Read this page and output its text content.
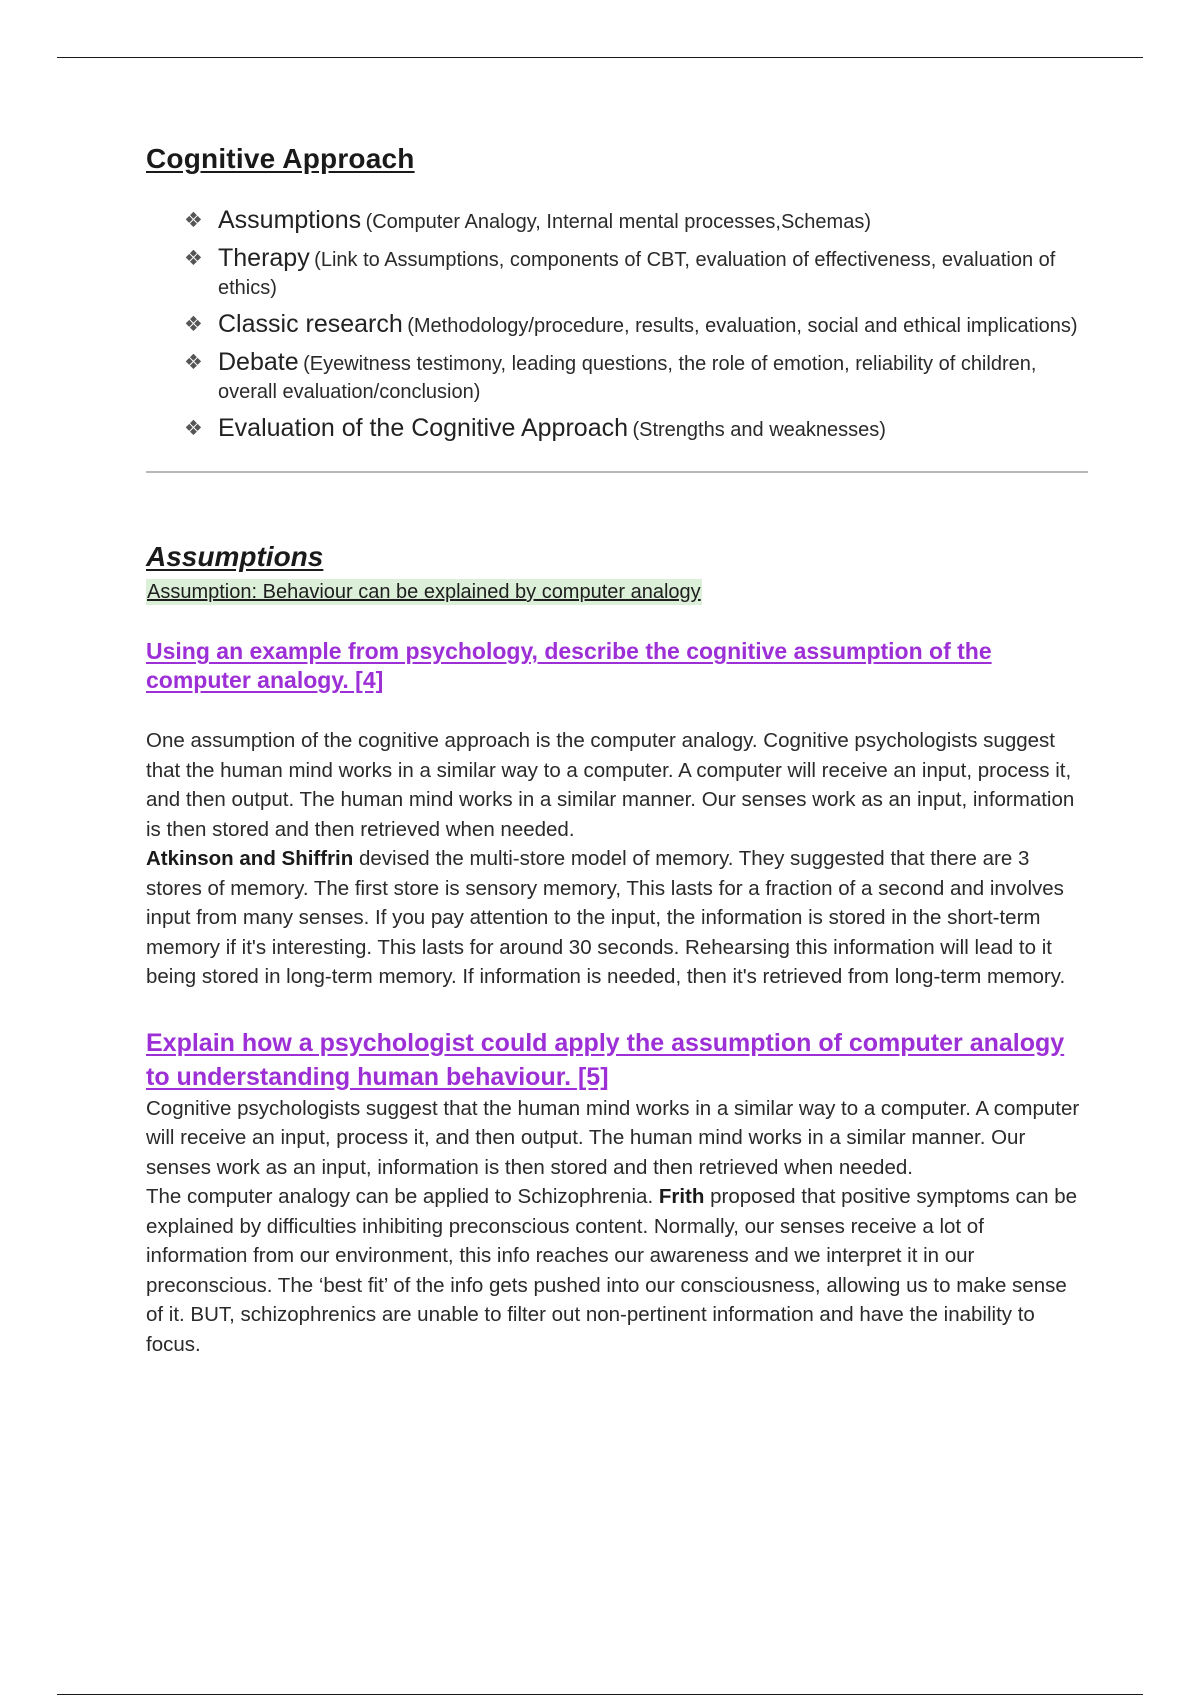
Cognitive Approach
❖ Assumptions (Computer Analogy, Internal mental processes,Schemas)
❖ Therapy (Link to Assumptions, components of CBT, evaluation of effectiveness, evaluation of ethics)
❖ Classic research (Methodology/procedure, results, evaluation, social and ethical implications)
❖ Debate (Eyewitness testimony, leading questions, the role of emotion, reliability of children, overall evaluation/conclusion)
❖ Evaluation of the Cognitive Approach (Strengths and weaknesses)
Assumptions
Assumption: Behaviour can be explained by computer analogy

Using an example from psychology, describe the cognitive assumption of the computer analogy. [4]

One assumption of the cognitive approach is the computer analogy. Cognitive psychologists suggest that the human mind works in a similar way to a computer. A computer will receive an input, process it, and then output. The human mind works in a similar manner. Our senses work as an input, information is then stored and then retrieved when needed.

Atkinson and Shiffrin devised the multi-store model of memory. They suggested that there are 3 stores of memory. The first store is sensory memory, This lasts for a fraction of a second and involves input from many senses. If you pay attention to the input, the information is stored in the short-term memory if it's interesting. This lasts for around 30 seconds. Rehearsing this information will lead to it being stored in long-term memory. If information is needed, then it's retrieved from long-term memory.

Explain how a psychologist could apply the assumption of computer analogy to understanding human behaviour. [5]

Cognitive psychologists suggest that the human mind works in a similar way to a computer. A computer will receive an input, process it, and then output. The human mind works in a similar manner. Our senses work as an input, information is then stored and then retrieved when needed.

The computer analogy can be applied to Schizophrenia. Frith proposed that positive symptoms can be explained by difficulties inhibiting preconscious content. Normally, our senses receive a lot of information from our environment, this info reaches our awareness and we interpret it in our preconscious. The ‘best fit’ of the info gets pushed into our consciousness, allowing us to make sense of it. BUT, schizophrenics are unable to filter out non-pertinent information and have the inability to focus.
